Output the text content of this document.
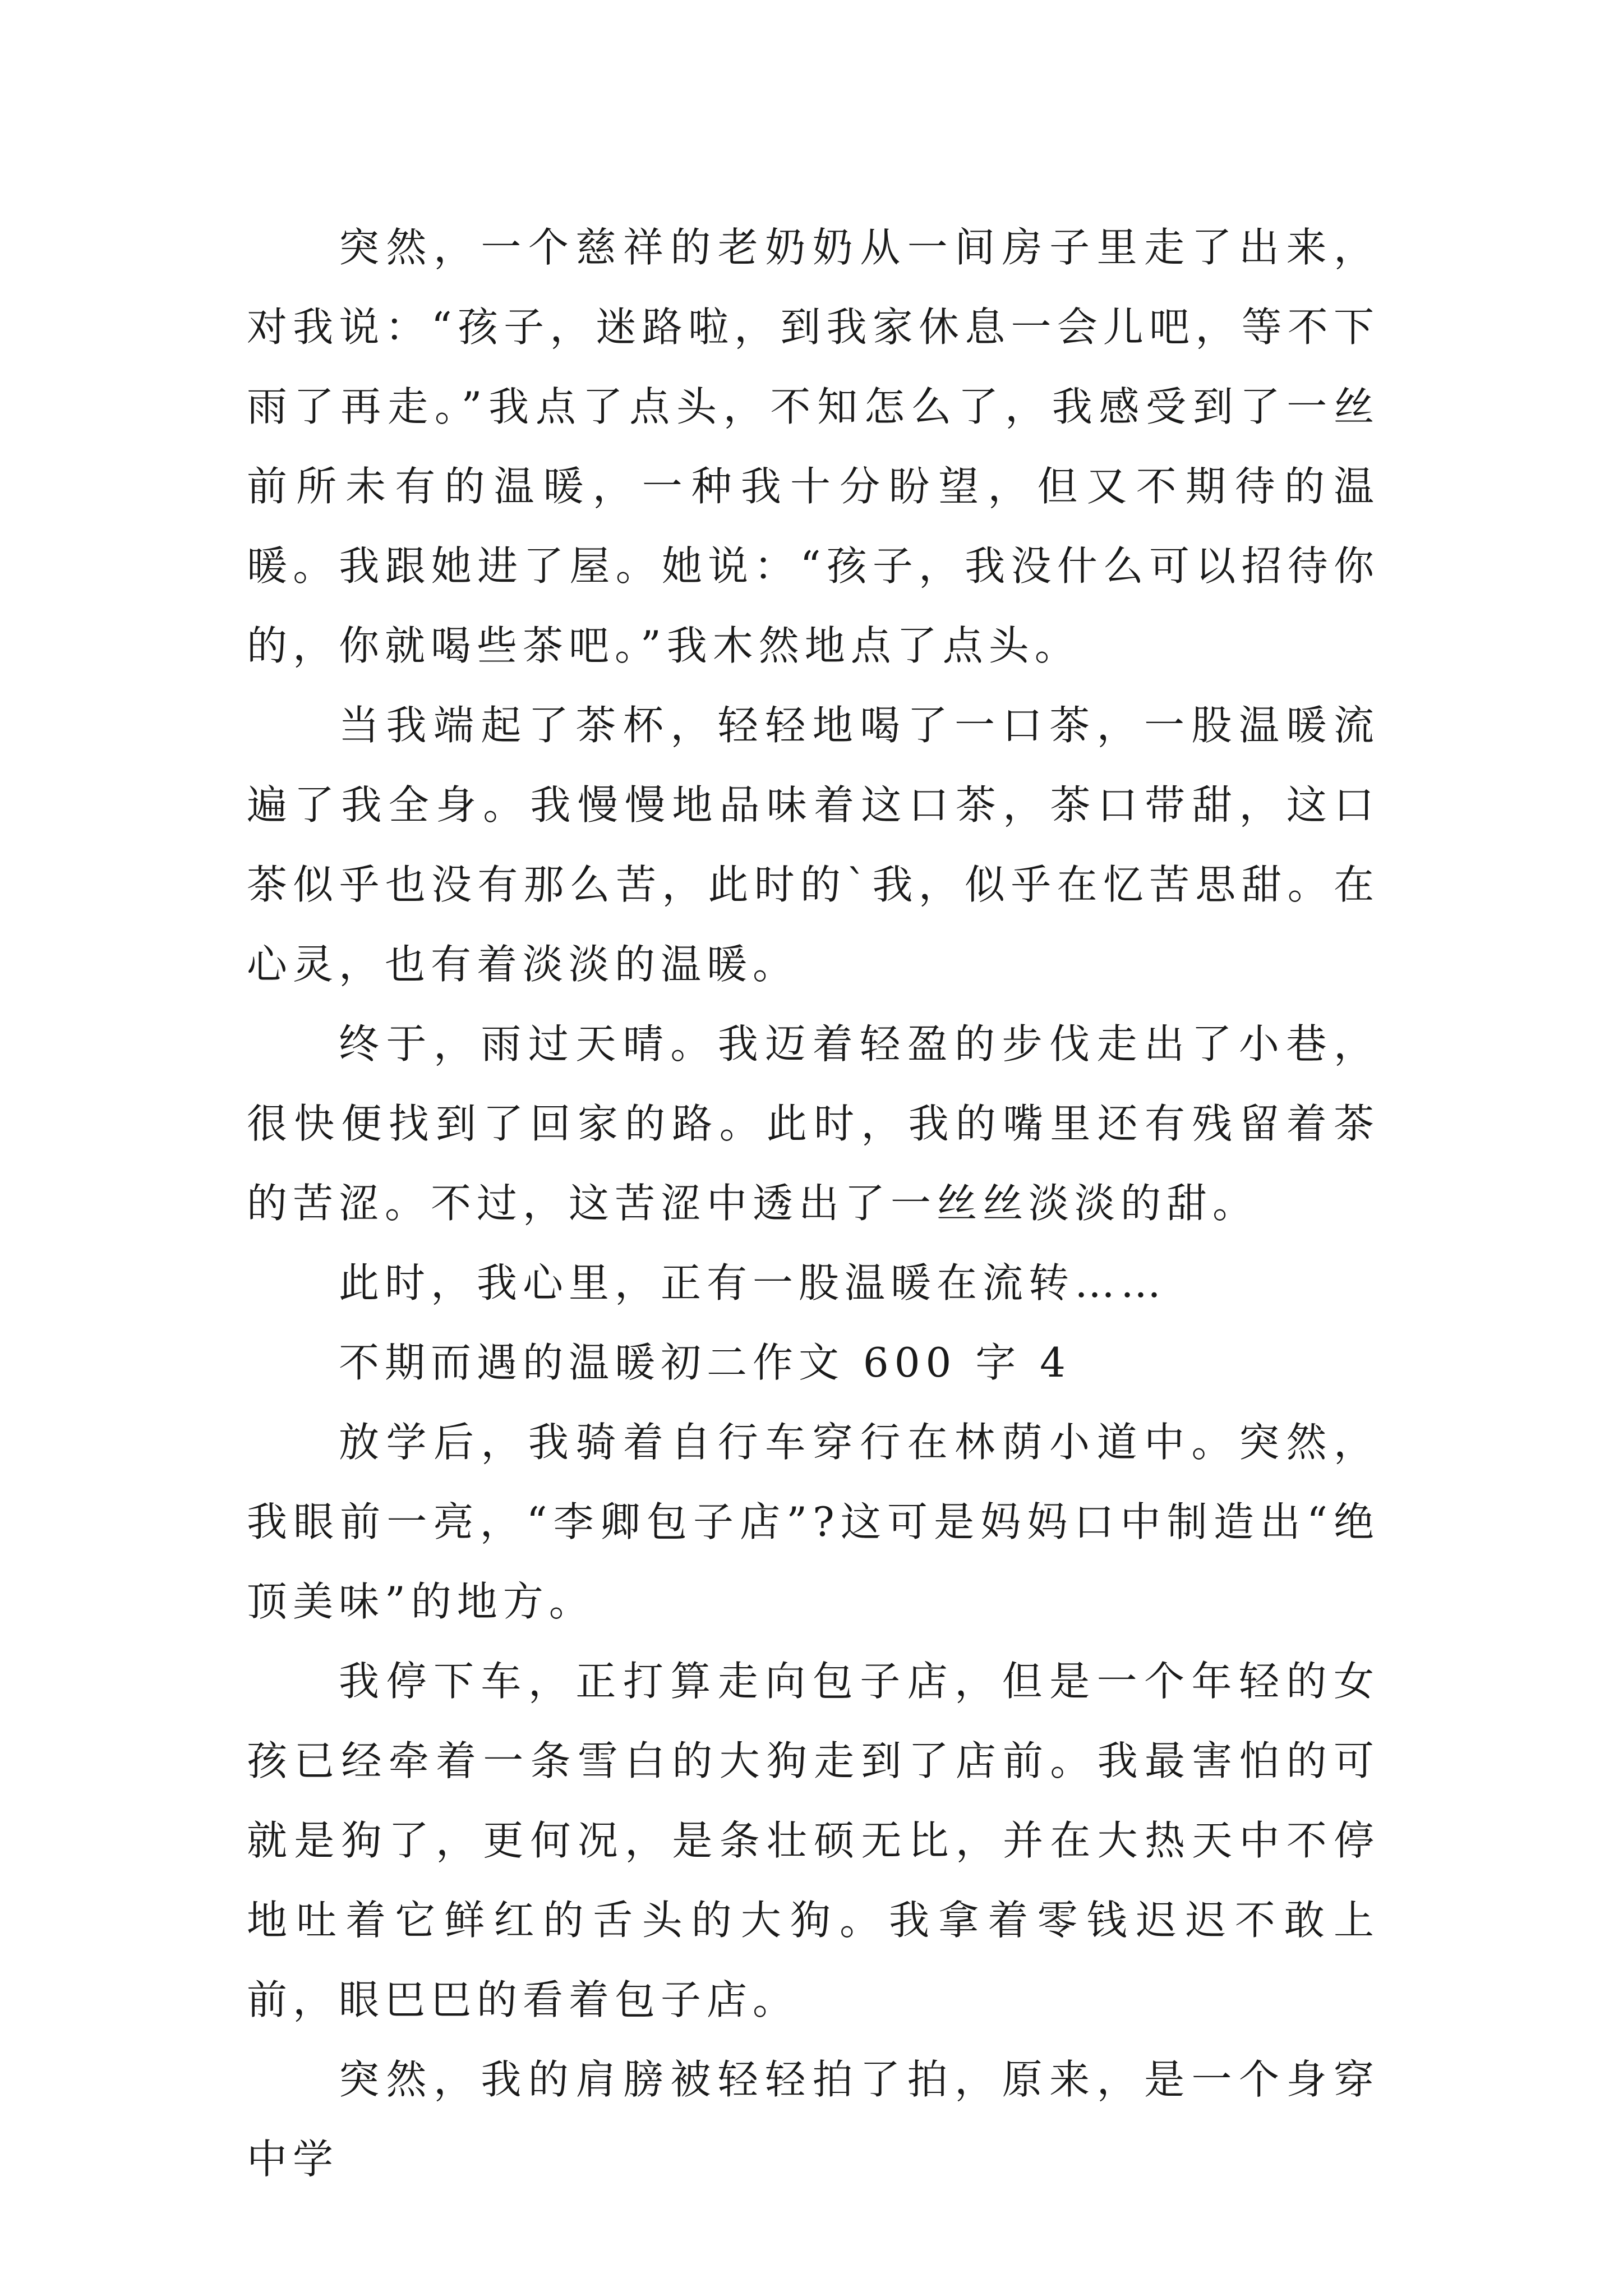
突然，一个慈祥的老奶奶从一间房子里走了出来，对我说：“孩子，迷路啦，到我家休息一会儿吧，等不下雨了再走。”我点了点头，不知怎么了，我感受到了一丝前所未有的温暖，一种我十分盼望，但又不期待的温暖。我跟她进了屋。她说：“孩子，我没什么可以招待你的，你就喝些茶吧。”我木然地点了点头。

当我端起了茶杯，轻轻地喝了一口茶，一股温暖流遍了我全身。我慢慢地品味着这口茶，茶口带甜，这口茶似乎也没有那么苦，此时的`我，似乎在忆苦思甜。在心灵，也有着淡淡的温暖。

终于，雨过天晴。我迈着轻盈的步伐走出了小巷，很快便找到了回家的路。此时，我的嘴里还有残留着茶的苦涩。不过，这苦涩中透出了一丝丝淡淡的甜。

此时，我心里，正有一股温暖在流转……

不期而遇的温暖初二作文 600 字 4

放学后，我骑着自行车穿行在林荫小道中。突然，我眼前一亮，“李卿包子店”?这可是妈妈口中制造出“绝顶美味”的地方。

我停下车，正打算走向包子店，但是一个年轻的女孩已经牵着一条雪白的大狗走到了店前。我最害怕的可就是狗了，更何况，是条壮硕无比，并在大热天中不停地吐着它鲜红的舌头的大狗。我拿着零钱迟迟不敢上前，眼巴巴的看着包子店。

突然，我的肩膀被轻轻拍了拍，原来，是一个身穿中学
